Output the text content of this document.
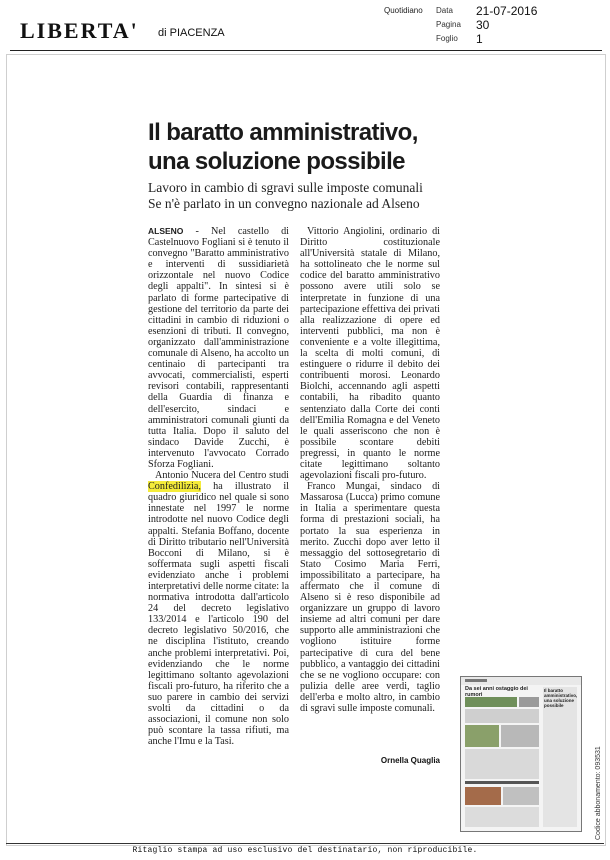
LIBERTA' di PIACENZA
Quotidiano Data 21-07-2016
Pagina 30
Foglio 1
Il baratto amministrativo,
una soluzione possibile
Lavoro in cambio di sgravi sulle imposte comunali
Se n'è parlato in un convegno nazionale ad Alseno

ALSENO - Nel castello di Castelnuovo Fogliani si è tenuto il convegno "Baratto amministrativo e interventi di sussidiarietà orizzontale nel nuovo Codice degli appalti". In sintesi si è parlato di forme partecipative di gestione del territorio da parte dei cittadini in cambio di riduzioni o esenzioni di tributi. Il convegno, organizzato dall'amministrazione comunale di Alseno, ha accolto un centinaio di partecipanti tra avvocati, commercialisti, esperti revisori contabili, rappresentanti della Guardia di finanza e dell'esercito, sindaci e amministratori comunali giunti da tutta Italia. Dopo il saluto del sindaco Davide Zucchi, è intervenuto l'avvocato Corrado Sforza Fogliani.

Antonio Nucera del Centro studi Confedilizia, ha illustrato il quadro giuridico nel quale si sono innestate nel 1997 le norme introdotte nel nuovo Codice degli appalti. Stefania Boffano, docente di Diritto tributario nell'Università Bocconi di Milano, si è soffermata sugli aspetti fiscali evidenziato anche i problemi interpretativi delle norme citate: la normativa introdotta dall'articolo 24 del decreto legislativo 133/2014 e l'articolo 190 del decreto legislativo 50/2016, che ne disciplina l'istituto, creando anche problemi interpretativi. Poi, evidenziando che le norme legittimano soltanto agevolazioni fiscali pro-futuro, ha riferito che a suo parere in cambio dei servizi svolti da cittadini o da associazioni, il comune non solo può scontare la tassa rifiuti, ma anche l'Imu e la Tasi.

Vittorio Angiolini, ordinario di Diritto costituzionale all'Università statale di Milano, ha sottolineato che le norme sul codice del baratto amministrativo possono avere utili solo se interpretate in funzione di una partecipazione effettiva dei privati alla realizzazione di opere ed interventi pubblici, ma non è conveniente e a volte illegittima, la scelta di molti comuni, di estinguere o ridurre il debito dei contribuenti morosi. Leonardo Biolchi, accennando agli aspetti contabili, ha ribadito quanto sentenziato dalla Corte dei conti dell'Emilia Romagna e del Veneto le quali asseriscono che non è possibile scontare debiti pregressi, in quanto le norme citate legittimano soltanto agevolazioni fiscali pro-futuro.

Franco Mungai, sindaco di Massarosa (Lucca) primo comune in Italia a sperimentare questa forma di prestazioni sociali, ha portato la sua esperienza in merito. Zucchi dopo aver letto il messaggio del sottosegretario di Stato Cosimo Maria Ferri, impossibilitato a partecipare, ha affermato che il comune di Alseno si è reso disponibile ad organizzare un gruppo di lavoro insieme ad altri comuni per dare supporto alle amministrazioni che vogliono istituire forme partecipative di cura del bene pubblico, a vantaggio dei cittadini che se ne vogliono occupare: con pulizia delle aree verdi, taglio dell'erba e molto altro, in cambio di sgravi sulle imposte comunali.

Ornella Quaglia
Da sei anni ostaggio dei rumori
Il baratto amministrativo, una soluzione possibile
Codice abbonamento: 093531
Ritaglio stampa ad uso esclusivo del destinatario, non riproducibile.
